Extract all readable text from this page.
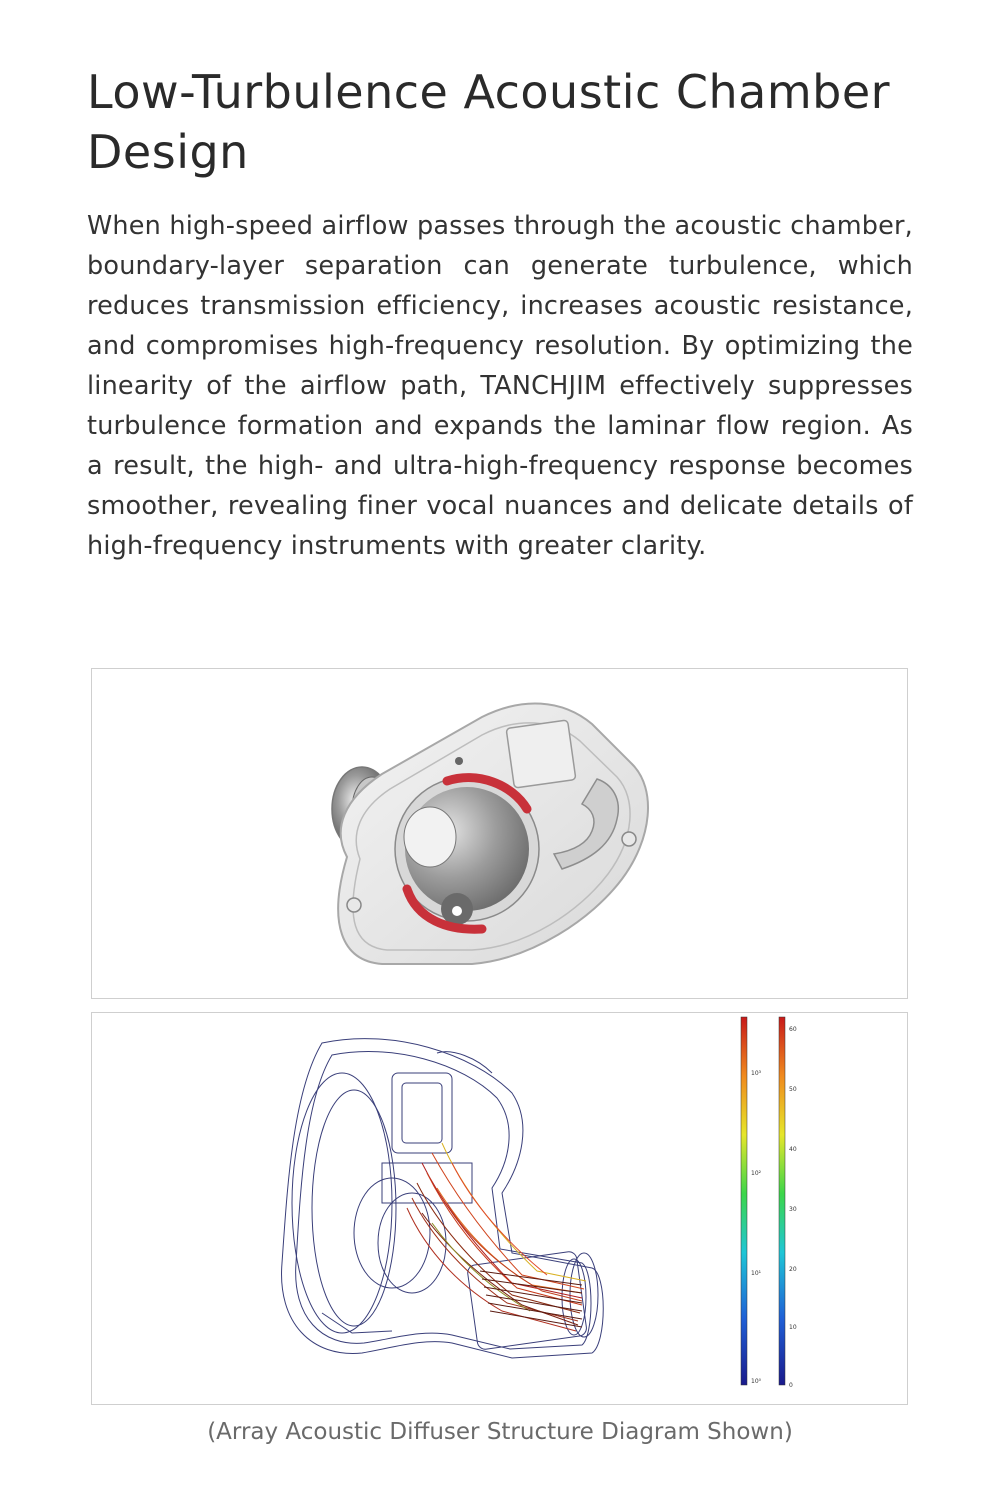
Low-Turbulence Acoustic Chamber Design

When high-speed airflow passes through the acoustic chamber, boundary-layer separation can generate turbulence, which reduces transmission efficiency, increases acoustic resistance, and compromises high-frequency resolution. By optimizing the linearity of the airflow path, TANCHJIM effectively suppresses turbulence formation and expands the laminar flow region. As a result, the high- and ultra-high-frequency response becomes smoother, revealing finer vocal nuances and delicate details of high-frequency instruments with greater clarity.

10³
10²
10¹
10⁰
60
50
40
30
20
10
0
(Array Acoustic Diffuser Structure Diagram Shown)
